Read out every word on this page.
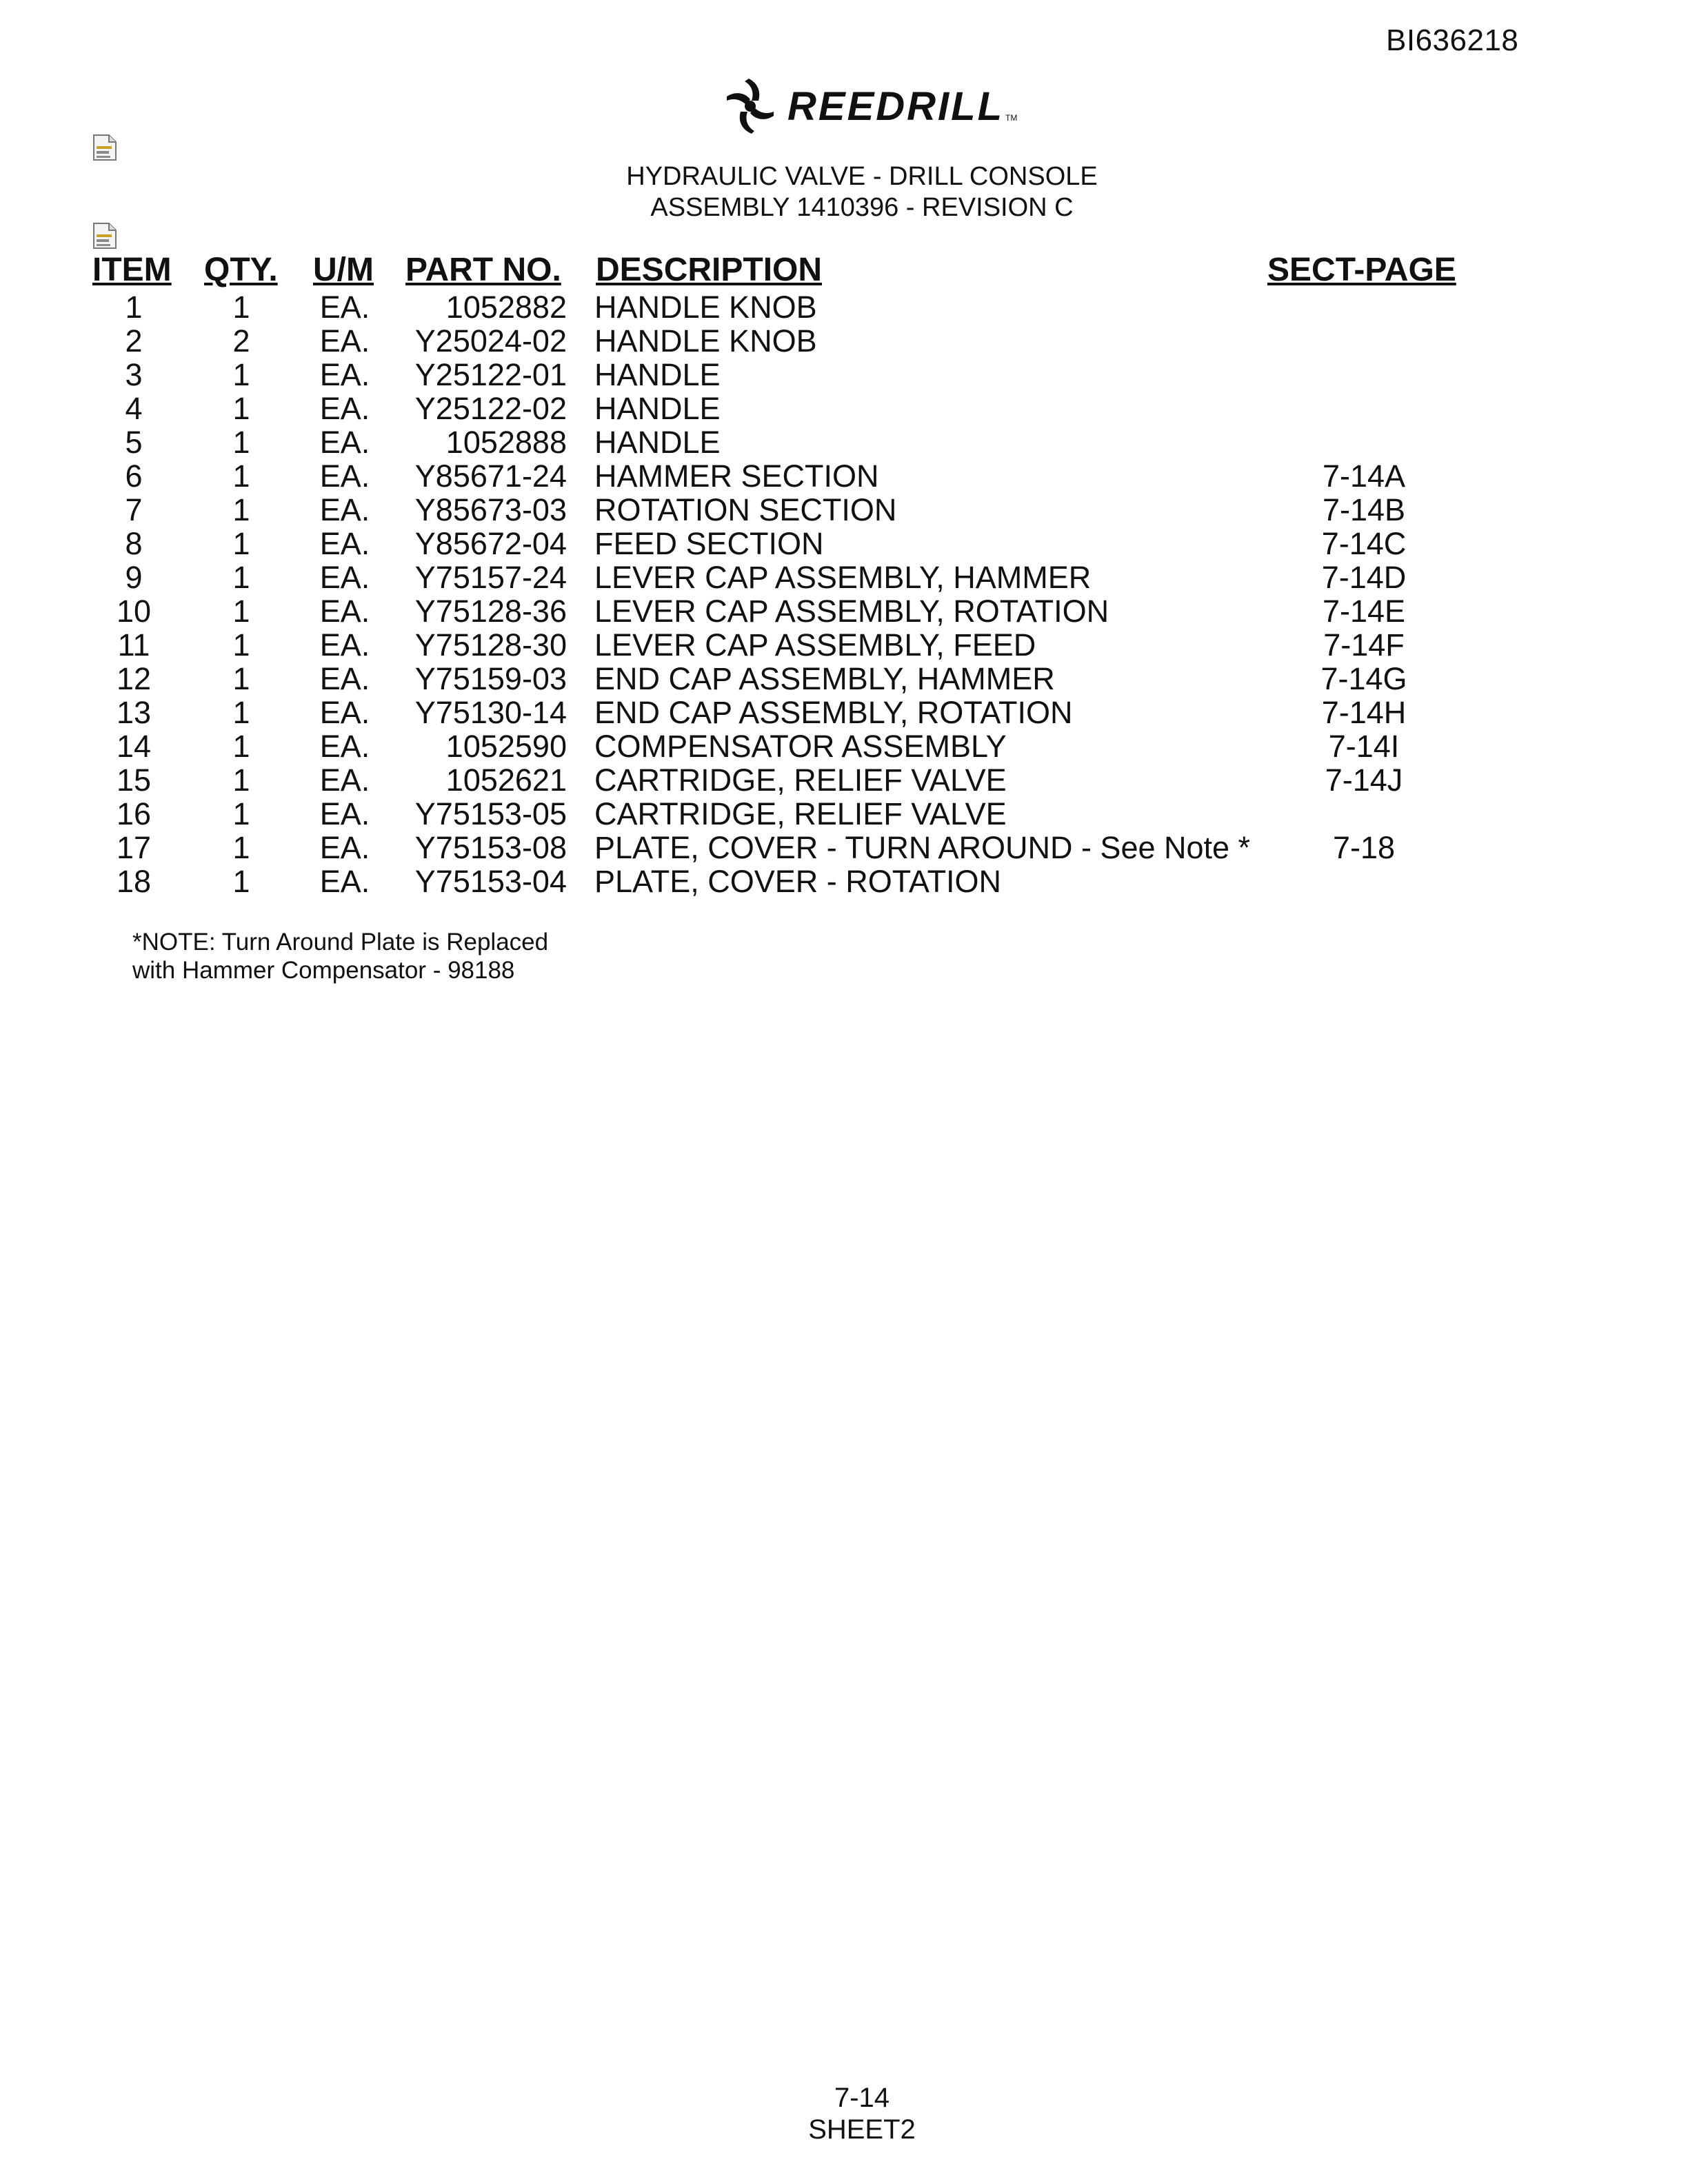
BI636218
REEDRILL TM
HYDRAULIC VALVE - DRILL CONSOLE
ASSEMBLY 1410396 - REVISION C
ITEM QTY. U/M PART NO. DESCRIPTION	SECT-PAGE
1	1	EA.	1052882 HANDLE KNOB
2	2	EA.	Y25024-02 HANDLE KNOB
3	1	EA.	Y25122-01 HANDLE
4	1	EA.	Y25122-02 HANDLE
5	1	EA.	1052888 HANDLE
6	1	EA.	Y85671-24 HAMMER SECTION	7-14A
7	1	EA.	Y85673-03 ROTATION SECTION	7-14B
8	1	EA.	Y85672-04 FEED SECTION	7-14C
9	1	EA.	Y75157-24 LEVER CAP ASSEMBLY, HAMMER	7-14D
10	1	EA.	Y75128-36 LEVER CAP ASSEMBLY, ROTATION	7-14E
11	1	EA.	Y75128-30 LEVER CAP ASSEMBLY, FEED	7-14F
12	1	EA.	Y75159-03 END CAP ASSEMBLY, HAMMER	7-14G
13	1	EA.	Y75130-14 END CAP ASSEMBLY, ROTATION	7-14H
14	1	EA.	1052590 COMPENSATOR ASSEMBLY	7-14I
15	1	EA.	1052621 CARTRIDGE, RELIEF VALVE	7-14J
16	1	EA.	Y75153-05 CARTRIDGE, RELIEF VALVE
17	1	EA.	Y75153-08 PLATE, COVER - TURN AROUND - See Note *	7-18
18	1	EA.	Y75153-04 PLATE, COVER - ROTATION
*NOTE: Turn Around Plate is Replaced
with Hammer Compensator - 98188
7-14
SHEET2
